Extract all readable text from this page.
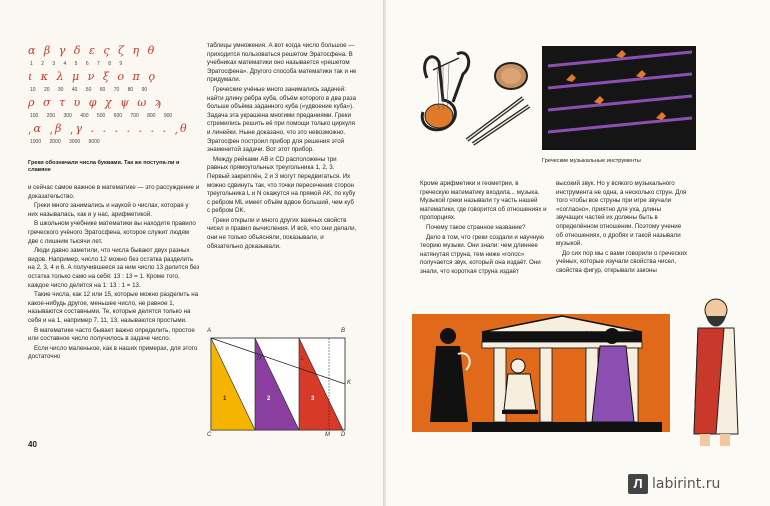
α β γ δ ε ς ζ η θ
1 2 3 4 5 6 7 8 9
ι κ λ μ ν ξ ο π ϙ
10 20 30 40 50 60 70 80 90
ρ σ τ υ φ χ ψ ω ϡ
100 200 300 400 500 600 700 800 900
͵α ͵β ͵γ . . . . . . . ͵θ
1000 2000 3000 9000
Греки обозначали числа буквами. Так же поступа-ли и славяне

и сейчас самое важное в математике — это рассуждение и доказательство.

Греки много занимались и наукой о числах, которая у них называлась, как и у нас, арифметикой.

В школьном учебнике математики вы находите правило греческого учёного Эратосфена, которое служит людям две с лишним тысячи лет.

Люди давно заметили, что числа бывают двух разных видов. Например, число 12 можно без остатка разделить на 2, 3, 4 и 6. А получившееся за ним число 13 делится без остатка только само на себя: 13 : 13 = 1. Кроме того, каждое число делится на 1: 13 : 1 = 13.

Такие числа, как 12 или 15, которые можно разделить на какое-нибудь другое, меньшее число, не равное 1, называются составными. Те, которые делятся только на себя и на 1, например 7, 11, 13, называются простыми.

В математике часто бывает важно определить, простое или составное число получилось в задаче число.

Если число маленькое, как в наших примерах, для этого достаточно

таблицы умножения. А вот когда число большое — приходится пользоваться решетом Эратосфена. В учебниках математики оно называется «решетом Эратосфена». Другого способа математики так и не придумали.

Греческие учёные много занимались задачей: найти длину ребра куба, объём которого в два раза больше объёма заданного куба («удвоение куба»). Задача эта украшена многими преданиями. Греки стремились решить её при помощи только циркуля и линейки. Ныне доказано, что это невозможно. Эратосфен построил прибор для решения этой знаменитой задачи. Вот этот прибор.

Между рейками AB и CD расположены три равных прямоугольных треугольника 1, 2, 3. Первый закреплён, 2 и 3 могут передвигаться. Их можно сдвинуть так, что точки пересечения сторон треугольника L и N окажутся на прямой AK, по кубу с ребром ML имеет объём вдвое больший, чем куб с ребром DK.

Греки открыли и много других важных свойств чисел и правил вычисления. И всё, что они делали, они не только объясняли, показывали, и обязательно доказывали.

A	B
C	D
K
L
M
N
1	2	3
40
Греческие музыкальные инструменты

Кроме арифметики и геометрии, в греческую математику входила... музыка. Музыкой греки называли ту часть нашей математики, где говорится об отношениях и пропорциях.

Почему такое странное название?

Дело в том, что греки создали и научную теорию музыки. Они знали: чем длиннее натянутая струна, тем ниже «голос» получается звук, который она издаёт. Они знали, что короткая струна издаёт

высокий звук. Но у всякого музыкального инструмента не одна, а несколько струн. Для того чтобы все струны при игре звучали «согласно», приятно для уха, длины звучащих частей их должны быть в определённом отношении. Поэтому учение об отношениях, о дробях и такой называли музыкой.

До сих пор мы с вами говорили о греческих учёных, которые изучали свойства чисел, свойства фигур, открывали законы

Л labirint.ru
